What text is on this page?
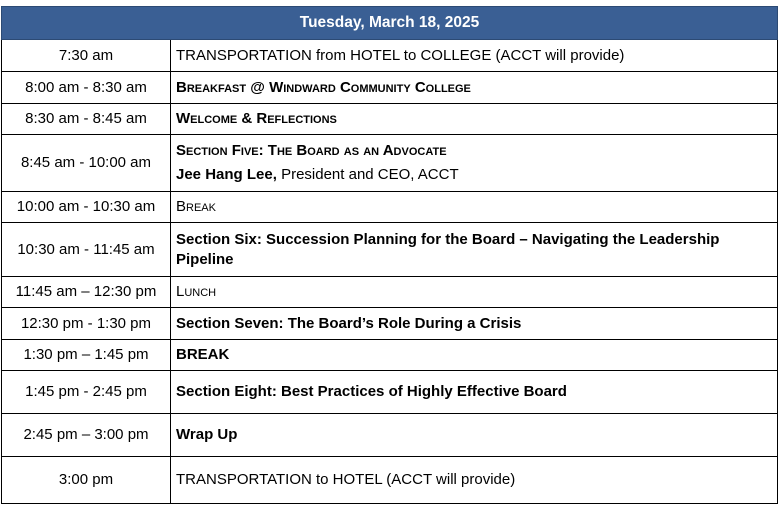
Tuesday, March 18, 2025	
7:30 am	TRANSPORTATION from HOTEL to COLLEGE (ACCT will provide)
8:00 am - 8:30 am	Breakfast @ Windward Community College
8:30 am - 8:45 am	Welcome & Reflections
8:45 am - 10:00 am	Section Five: The Board as an Advocate
Jee Hang Lee, President and CEO, ACCT

10:00 am - 10:30 am	Break
10:30 am - 11:45 am	Section Six: Succession Planning for the Board – Navigating the Leadership Pipeline
11:45 am – 12:30 pm	Lunch
12:30 pm - 1:30 pm	Section Seven: The Board’s Role During a Crisis
1:30 pm – 1:45 pm	BREAK
1:45 pm - 2:45 pm	Section Eight: Best Practices of Highly Effective Board
2:45 pm – 3:00 pm	Wrap Up
3:00 pm	TRANSPORTATION to HOTEL (ACCT will provide)
